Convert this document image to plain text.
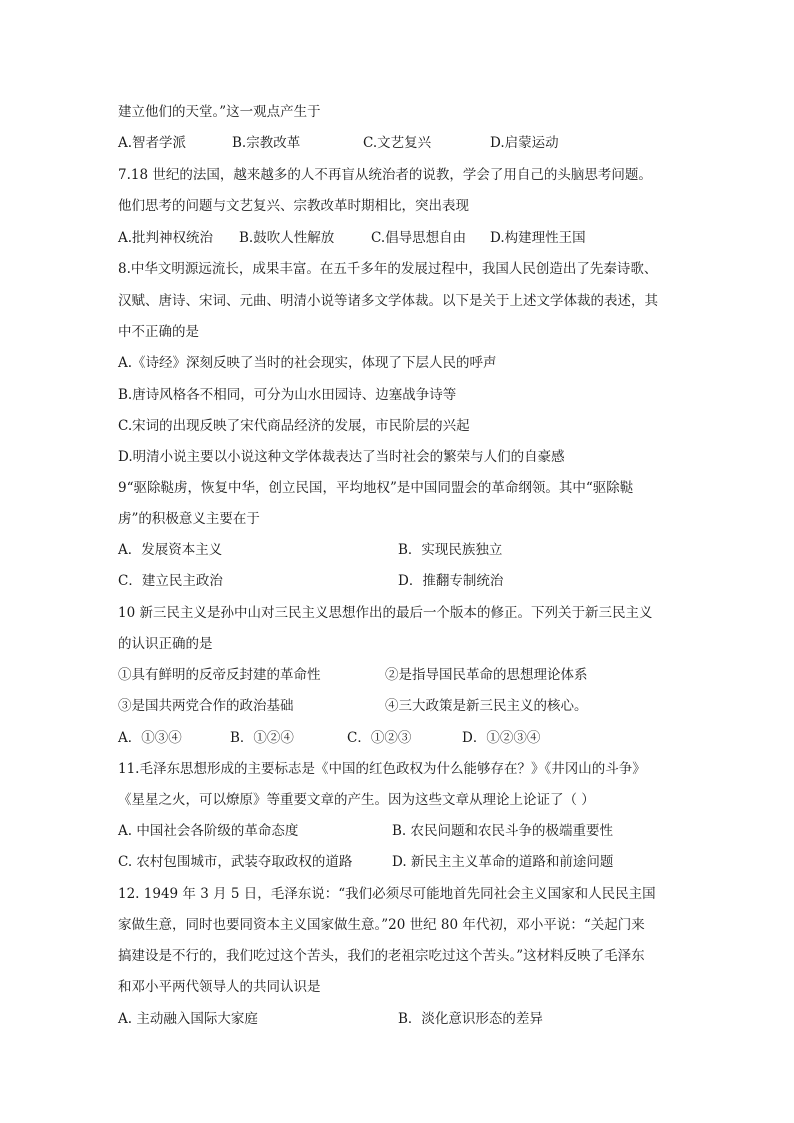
建立他们的天堂。”这一观点产生于
A.智者学派	B.宗教改革	C.文艺复兴	D.启蒙运动
7.18 世纪的法国，越来越多的人不再盲从统治者的说教，学会了用自己的头脑思考问题。
他们思考的问题与文艺复兴、宗教改革时期相比，突出表现
A.批判神权统治 B.鼓吹人性解放	C.倡导思想自由 D.构建理性王国
8.中华文明源远流长，成果丰富。在五千多年的发展过程中，我国人民创造出了先秦诗歌、
汉赋、唐诗、宋词、元曲、明清小说等诸多文学体裁。以下是关于上述文学体裁的表述，其
中不正确的是
A.《诗经》深刻反映了当时的社会现实，体现了下层人民的呼声
B.唐诗风格各不相同，可分为山水田园诗、边塞战争诗等
C.宋词的出现反映了宋代商品经济的发展，市民阶层的兴起
D.明清小说主要以小说这种文学体裁表达了当时社会的繁荣与人们的自豪感
9“驱除鞑虏，恢复中华，创立民国，平均地权”是中国同盟会的革命纲领。其中“驱除鞑
虏”的积极意义主要在于
A．发展资本主义	B．实现民族独立
C．建立民主政治	D．推翻专制统治
10 新三民主义是孙中山对三民主义思想作出的最后一个版本的修正。下列关于新三民主义
的认识正确的是
①具有鲜明的反帝反封建的革命性	②是指导国民革命的思想理论体系
③是国共两党合作的政治基础	④三大政策是新三民主义的核心。
A．①③④	B．①②④	C．①②③	D．①②③④
11.毛泽东思想形成的主要标志是《中国的红色政权为什么能够存在？》《井冈山的斗争》
《星星之火，可以燎原》等重要文章的产生。因为这些文章从理论上论证了（ ）
A. 中国社会各阶级的革命态度	B. 农民问题和农民斗争的极端重要性
C. 农村包围城市，武装夺取政权的道路	D. 新民主主义革命的道路和前途问题
12. 1949 年 3 月 5 日，毛泽东说：“我们必须尽可能地首先同社会主义国家和人民民主国
家做生意，同时也要同资本主义国家做生意。”20 世纪 80 年代初，邓小平说：“关起门来
搞建设是不行的，我们吃过这个苦头，我们的老祖宗吃过这个苦头。”这材料反映了毛泽东
和邓小平两代领导人的共同认识是
A. 主动融入国际大家庭	B．淡化意识形态的差异
